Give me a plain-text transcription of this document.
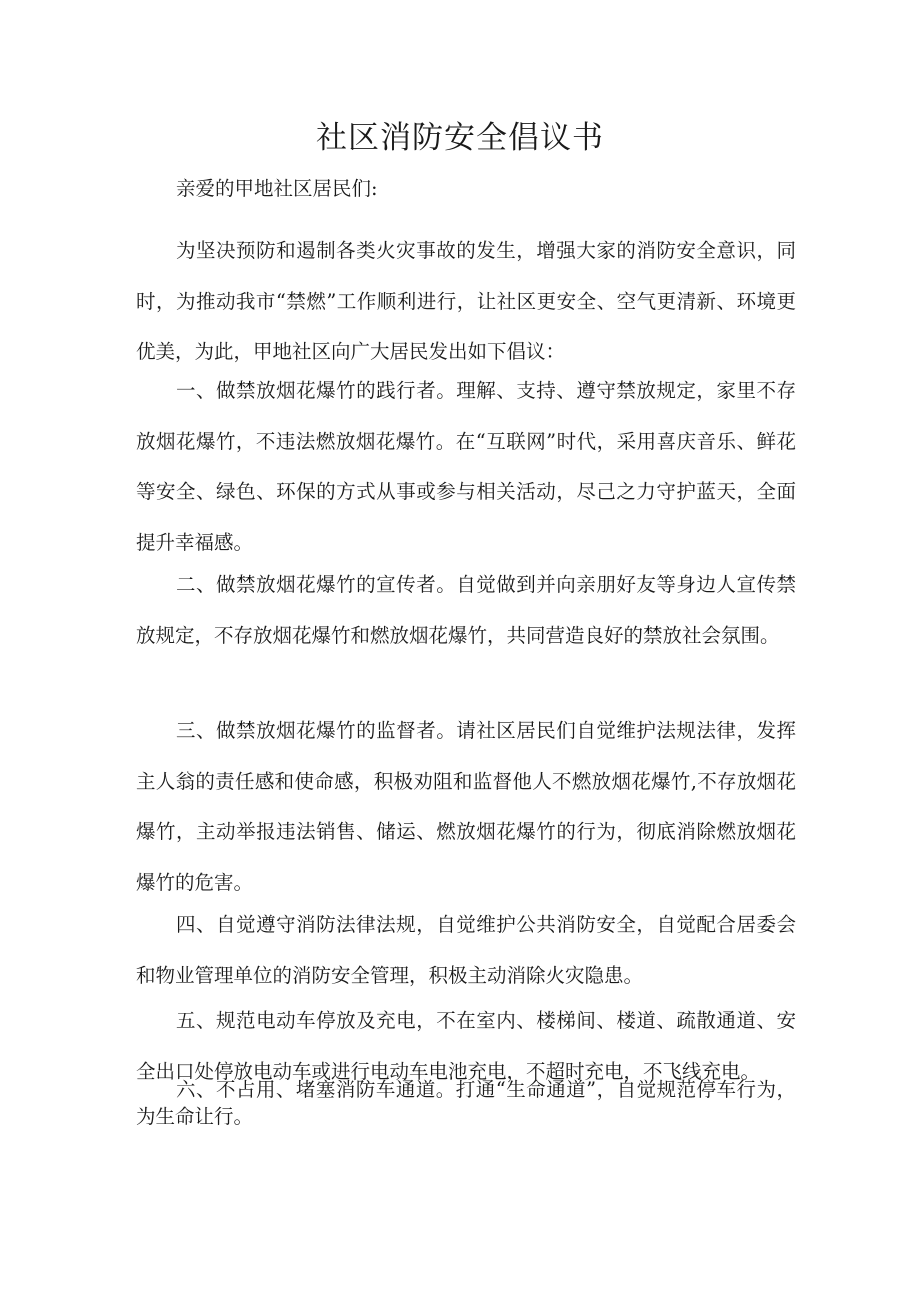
社区消防安全倡议书

亲爱的甲地社区居民们:

为坚决预防和遏制各类火灾事故的发生，增强大家的消防安全意识，同时，为推动我市“禁燃”工作顺利进行，让社区更安全、空气更清新、环境更优美，为此，甲地社区向广大居民发出如下倡议：

一、做禁放烟花爆竹的践行者。理解、支持、遵守禁放规定，家里不存放烟花爆竹，不违法燃放烟花爆竹。在“互联网”时代，采用喜庆音乐、鲜花等安全、绿色、环保的方式从事或参与相关活动，尽己之力守护蓝天，全面提升幸福感。

二、做禁放烟花爆竹的宣传者。自觉做到并向亲朋好友等身边人宣传禁放规定，不存放烟花爆竹和燃放烟花爆竹，共同营造良好的禁放社会氛围。

三、做禁放烟花爆竹的监督者。请社区居民们自觉维护法规法律，发挥主人翁的责任感和使命感，积极劝阻和监督他人不燃放烟花爆竹,不存放烟花爆竹，主动举报违法销售、储运、燃放烟花爆竹的行为，彻底消除燃放烟花爆竹的危害。

四、自觉遵守消防法律法规，自觉维护公共消防安全，自觉配合居委会和物业管理单位的消防安全管理，积极主动消除火灾隐患。

五、规范电动车停放及充电，不在室内、楼梯间、楼道、疏散通道、安全出口处停放电动车或进行电动车电池充电，不超时充电，不飞线充电。

六、不占用、堵塞消防车通道。打通“生命通道”，自觉规范停车行为，为生命让行。
